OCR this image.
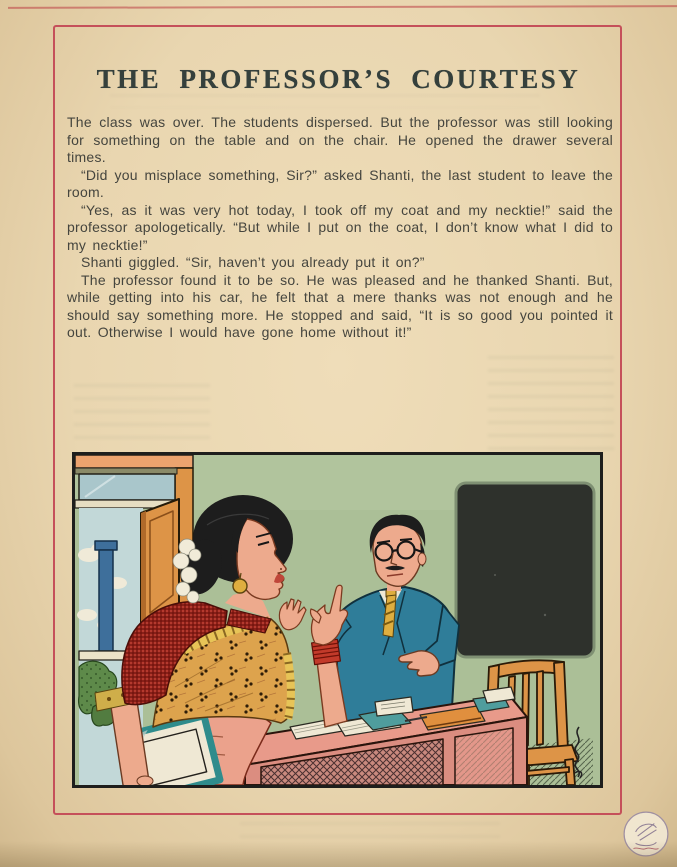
THE PROFESSOR’S COURTESY

The class was over. The students dispersed. But the professor was still looking for something on the table and on the chair. He opened the drawer several times.

“Did you misplace something, Sir?” asked Shanti, the last student to leave the room.

“Yes, as it was very hot today, I took off my coat and my necktie!” said the professor apologetically. “But while I put on the coat, I don’t know what I did to my necktie!”

Shanti giggled. “Sir, haven’t you already put it on?”

The professor found it to be so. He was pleased and he thanked Shanti. But, while getting into his car, he felt that a mere thanks was not enough and he should say something more. He stopped and said, “It is so good you pointed it out. Otherwise I would have gone home without it!”
